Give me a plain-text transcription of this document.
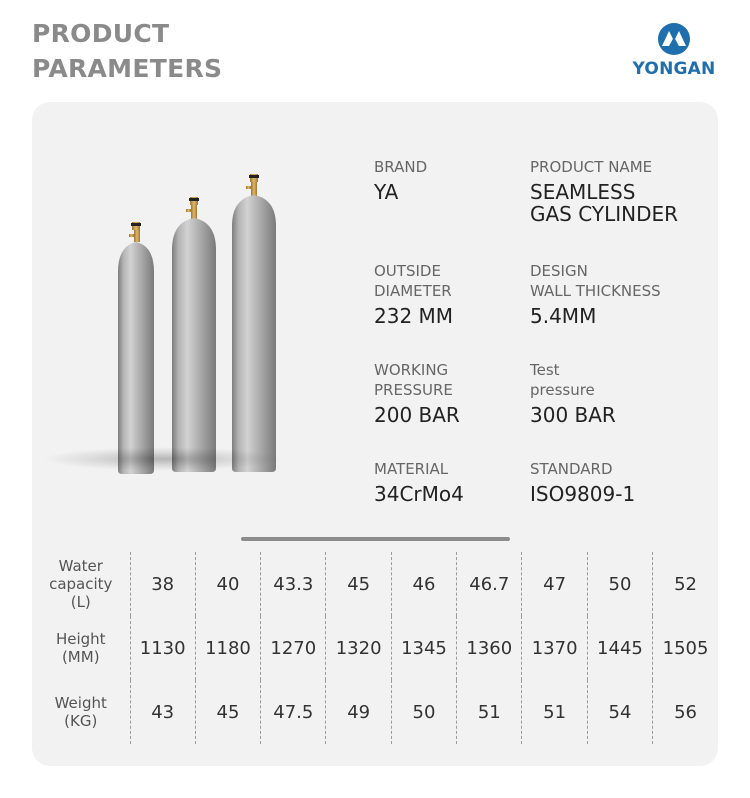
PRODUCT
PARAMETERS	YONGAN
BRAND
YA
PRODUCT NAME
SEAMLESS
GAS CYLINDER
OUTSIDE
DIAMETER
232 MM
DESIGN
WALL THICKNESS
5.4MM
WORKING
PRESSURE
200 BAR
Test
pressure
300 BAR
MATERIAL
34CrMo4
STANDARD
ISO9809-1
Water
capacity
(L)	38	40	43.3	45	46	46.7	47	50	52
Height
(MM)	1130	1180	1270	1320	1345	1360	1370	1445	1505
Weight
(KG)	43	45	47.5	49	50	51	51	54	56
